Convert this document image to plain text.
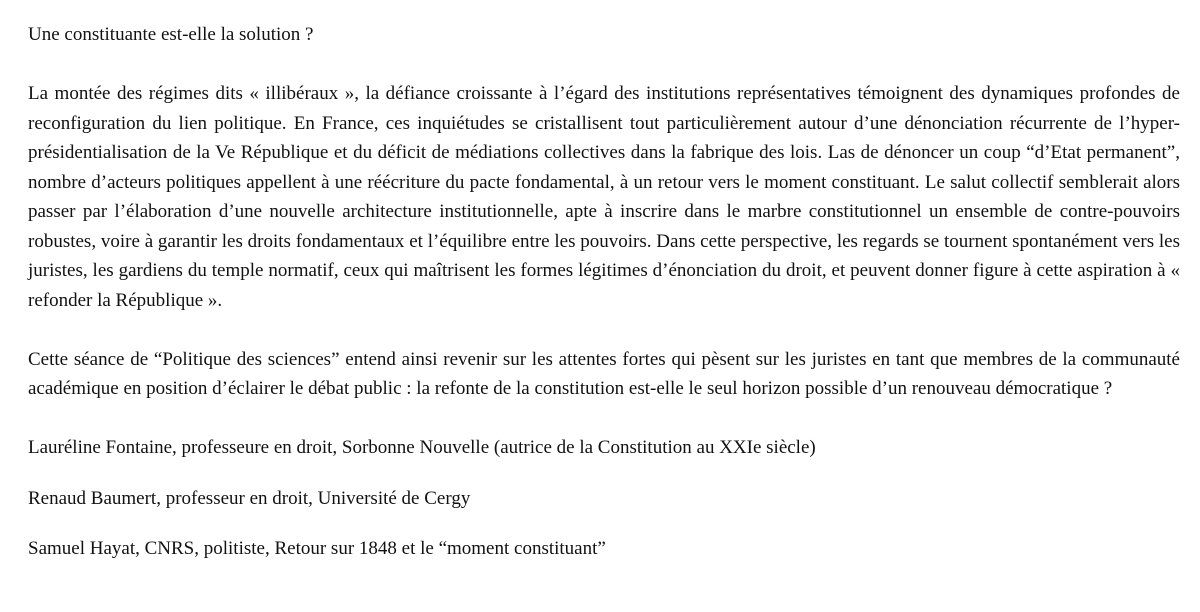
Une constituante est-elle la solution ?

La montée des régimes dits « illibéraux », la défiance croissante à l’égard des institutions représentatives témoignent des dynamiques profondes de reconfiguration du lien politique. En France, ces inquiétudes se cristallisent tout particulièrement autour d’une dénonciation récurrente de l’hyper-présidentialisation de la Ve République et du déficit de médiations collectives dans la fabrique des lois. Las de dénoncer un coup “d’Etat permanent”, nombre d’acteurs politiques appellent à une réécriture du pacte fondamental, à un retour vers le moment constituant. Le salut collectif semblerait alors passer par l’élaboration d’une nouvelle architecture institutionnelle, apte à inscrire dans le marbre constitutionnel un ensemble de contre-pouvoirs robustes, voire à garantir les droits fondamentaux et l’équilibre entre les pouvoirs. Dans cette perspective, les regards se tournent spontanément vers les juristes, les gardiens du temple normatif, ceux qui maîtrisent les formes légitimes d’énonciation du droit, et peuvent donner figure à cette aspiration à « refonder la République ».

Cette séance de “Politique des sciences” entend ainsi revenir sur les attentes fortes qui pèsent sur les juristes en tant que membres de la communauté académique en position d’éclairer le débat public : la refonte de la constitution est-elle le seul horizon possible d’un renouveau démocratique ?

Lauréline Fontaine, professeure en droit, Sorbonne Nouvelle (autrice de la Constitution au XXIe siècle)

Renaud Baumert, professeur en droit, Université de Cergy

Samuel Hayat, CNRS, politiste, Retour sur 1848 et le “moment constituant”
